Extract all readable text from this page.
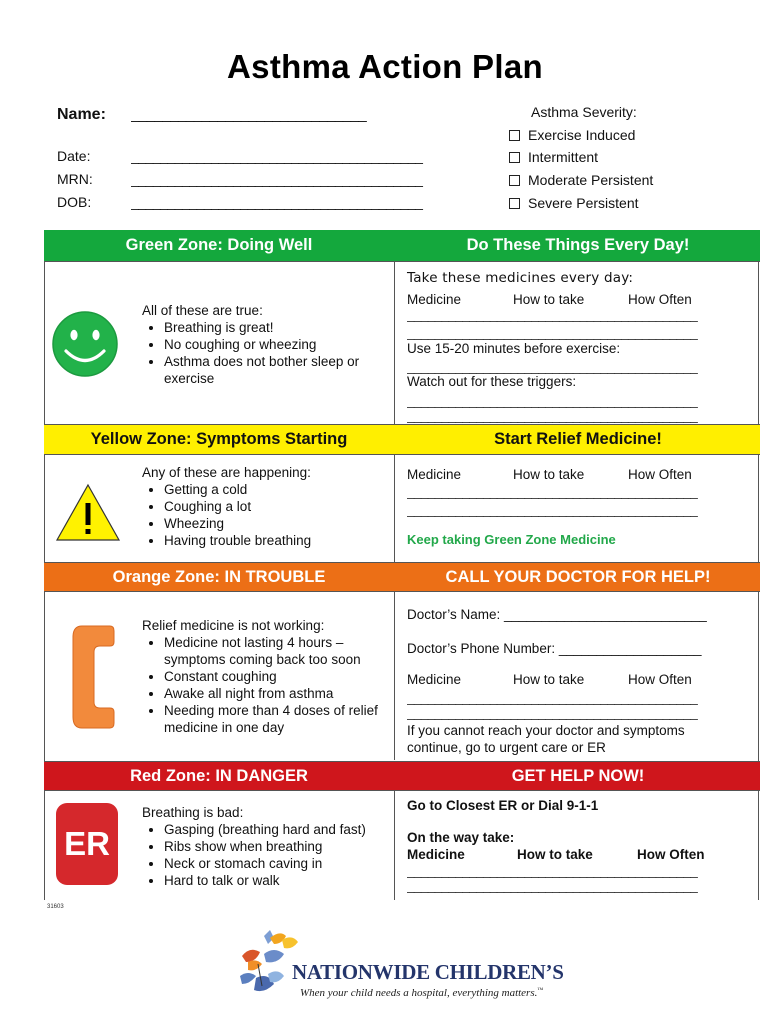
Asthma Action Plan
Name: ______________________________
Date:	________________________________________
MRN:	________________________________________
DOB:	________________________________________
Asthma Severity:
Exercise Induced
Intermittent
Moderate Persistent
Severe Persistent
Green Zone: Doing Well	Do These Things Every Day!
All of these are true:
• Breathing is great!
• No coughing or wheezing
• Asthma does not bother sleep or exercise
Take these medicines every day:
Medicine	How to take	How Often
__________________________________________
__________________________________________
Use 15-20 minutes before exercise:
__________________________________________
Watch out for these triggers:
__________________________________________
__________________________________________
Yellow Zone: Symptoms Starting	Start Relief Medicine!
Any of these are happening:
• Getting a cold
• Coughing a lot
• Wheezing
• Having trouble breathing
Medicine	How to take	How Often
__________________________________________
__________________________________________
Keep taking Green Zone Medicine
Orange Zone: IN TROUBLE	CALL YOUR DOCTOR FOR HELP!
Relief medicine is not working:
• Medicine not lasting 4 hours – symptoms coming back too soon
• Constant coughing
• Awake all night from asthma
• Needing more than 4 doses of relief medicine in one day
Doctor’s Name: ___________________________
Doctor’s Phone Number: ___________________
Medicine	How to take	How Often
__________________________________________
__________________________________________
If you cannot reach your doctor and symptoms continue, go to urgent care or ER
Red Zone: IN DANGER	GET HELP NOW!
ER
Breathing is bad:
• Gasping (breathing hard and fast)
• Ribs show when breathing
• Neck or stomach caving in
• Hard to talk or walk
Go to Closest ER or Dial 9-1-1
On the way take:
Medicine	How to take	How Often
__________________________________________
__________________________________________
31603
NATIONWIDE CHILDREN’S
When your child needs a hospital, everything matters.™
